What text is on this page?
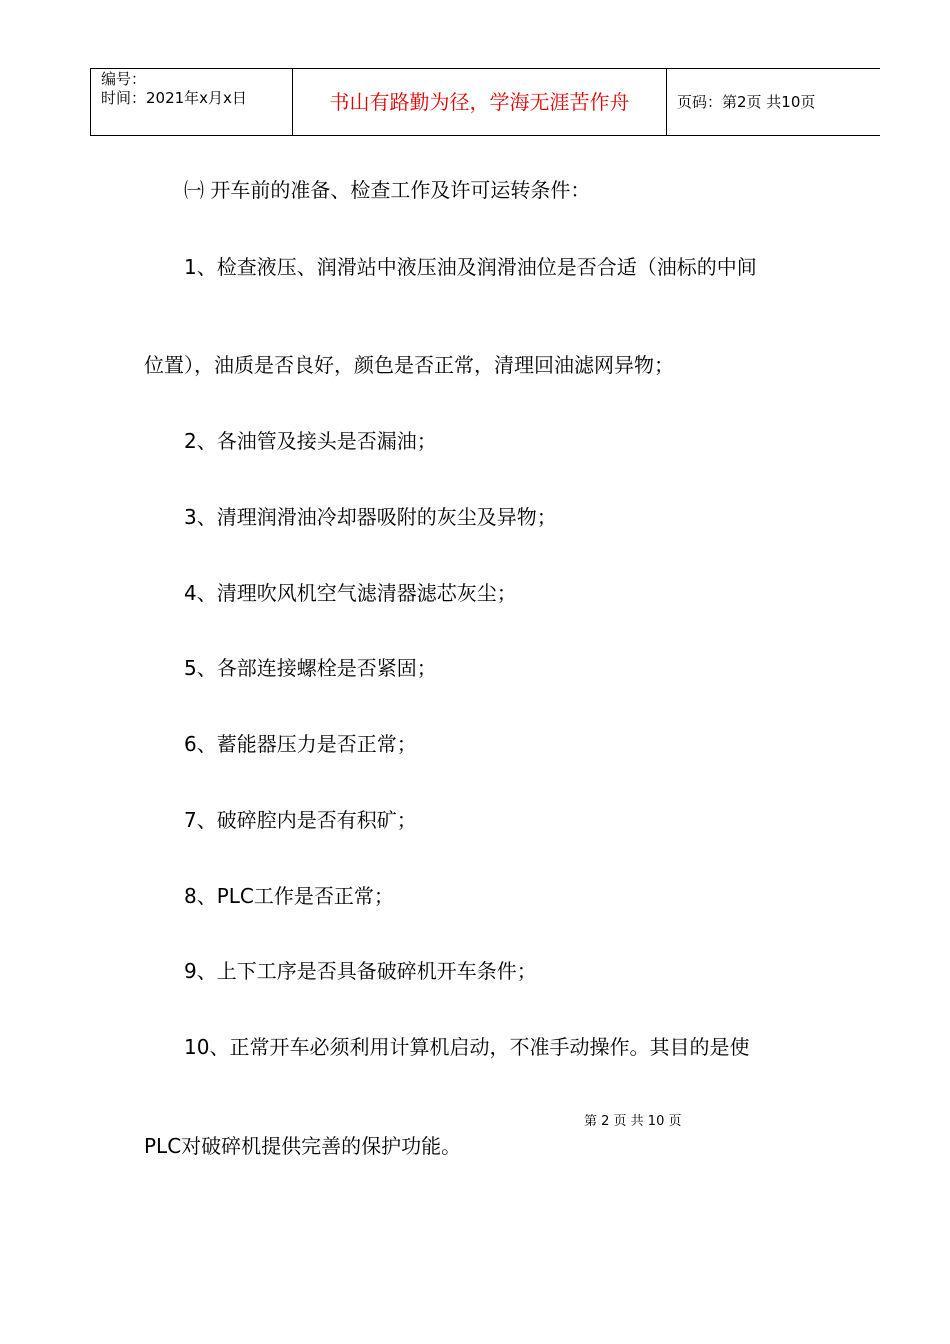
编号：
时间：2021年x月x日	书山有路勤为径，学海无涯苦作舟	页码：第2页 共10页
㈠ 开车前的准备、检查工作及许可运转条件：
1、检查液压、润滑站中液压油及润滑油位是否合适（油标的中间
位置），油质是否良好，颜色是否正常，清理回油滤网异物；
2、各油管及接头是否漏油；
3、清理润滑油冷却器吸附的灰尘及异物；
4、清理吹风机空气滤清器滤芯灰尘；
5、各部连接螺栓是否紧固；
6、蓄能器压力是否正常；
7、破碎腔内是否有积矿；
8、PLC工作是否正常；
9、上下工序是否具备破碎机开车条件；
10、正常开车必须利用计算机启动，不准手动操作。其目的是使
PLC对破碎机提供完善的保护功能。
第 2 页 共 10 页
